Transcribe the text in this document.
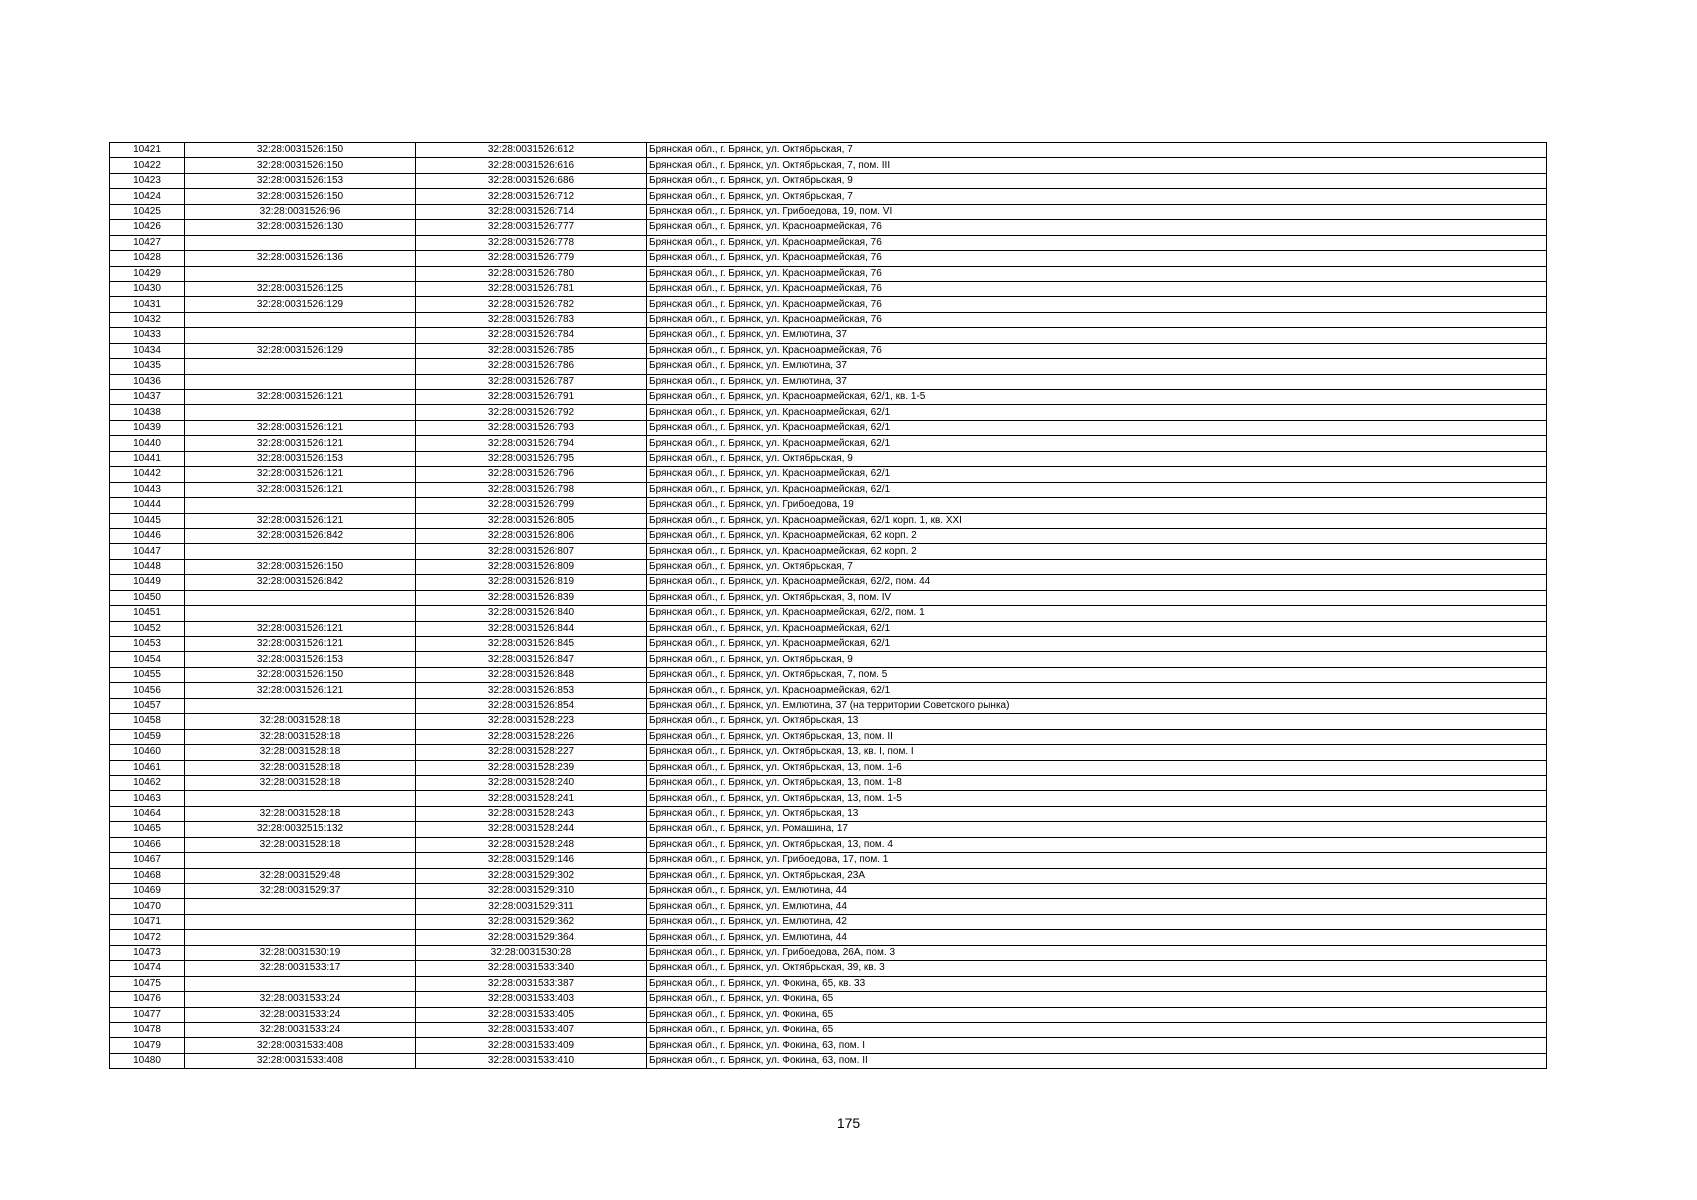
10421	32:28:0031526:150	32:28:0031526:612	Брянская обл., г. Брянск, ул. Октябрьская, 7
10422	32:28:0031526:150	32:28:0031526:616	Брянская обл., г. Брянск, ул. Октябрьская, 7, пом. III
10423	32:28:0031526:153	32:28:0031526:686	Брянская обл., г. Брянск, ул. Октябрьская, 9
10424	32:28:0031526:150	32:28:0031526:712	Брянская обл., г. Брянск, ул. Октябрьская, 7
10425	32:28:0031526:96	32:28:0031526:714	Брянская обл., г. Брянск, ул. Грибоедова, 19, пом. VI
10426	32:28:0031526:130	32:28:0031526:777	Брянская обл., г. Брянск, ул. Красноармейская, 76
10427		32:28:0031526:778	Брянская обл., г. Брянск, ул. Красноармейская, 76
10428	32:28:0031526:136	32:28:0031526:779	Брянская обл., г. Брянск, ул. Красноармейская, 76
10429		32:28:0031526:780	Брянская обл., г. Брянск, ул. Красноармейская, 76
10430	32:28:0031526:125	32:28:0031526:781	Брянская обл., г. Брянск, ул. Красноармейская, 76
10431	32:28:0031526:129	32:28:0031526:782	Брянская обл., г. Брянск, ул. Красноармейская, 76
10432		32:28:0031526:783	Брянская обл., г. Брянск, ул. Красноармейская, 76
10433		32:28:0031526:784	Брянская обл., г. Брянск, ул. Емлютина, 37
10434	32:28:0031526:129	32:28:0031526:785	Брянская обл., г. Брянск, ул. Красноармейская, 76
10435		32:28:0031526:786	Брянская обл., г. Брянск, ул. Емлютина, 37
10436		32:28:0031526:787	Брянская обл., г. Брянск, ул. Емлютина, 37
10437	32:28:0031526:121	32:28:0031526:791	Брянская обл., г. Брянск, ул. Красноармейская, 62/1, кв. 1-5
10438		32:28:0031526:792	Брянская обл., г. Брянск, ул. Красноармейская, 62/1
10439	32:28:0031526:121	32:28:0031526:793	Брянская обл., г. Брянск, ул. Красноармейская, 62/1
10440	32:28:0031526:121	32:28:0031526:794	Брянская обл., г. Брянск, ул. Красноармейская, 62/1
10441	32:28:0031526:153	32:28:0031526:795	Брянская обл., г. Брянск, ул. Октябрьская, 9
10442	32:28:0031526:121	32:28:0031526:796	Брянская обл., г. Брянск, ул. Красноармейская, 62/1
10443	32:28:0031526:121	32:28:0031526:798	Брянская обл., г. Брянск, ул. Красноармейская, 62/1
10444		32:28:0031526:799	Брянская обл., г. Брянск, ул. Грибоедова, 19
10445	32:28:0031526:121	32:28:0031526:805	Брянская обл., г. Брянск, ул. Красноармейская, 62/1 корп. 1, кв. XXI
10446	32:28:0031526:842	32:28:0031526:806	Брянская обл., г. Брянск, ул. Красноармейская, 62 корп. 2
10447		32:28:0031526:807	Брянская обл., г. Брянск, ул. Красноармейская, 62 корп. 2
10448	32:28:0031526:150	32:28:0031526:809	Брянская обл., г. Брянск, ул. Октябрьская, 7
10449	32:28:0031526:842	32:28:0031526:819	Брянская обл., г. Брянск, ул. Красноармейская, 62/2, пом. 44
10450		32:28:0031526:839	Брянская обл., г. Брянск, ул. Октябрьская, 3, пом. IV
10451		32:28:0031526:840	Брянская обл., г. Брянск, ул. Красноармейская, 62/2, пом. 1
10452	32:28:0031526:121	32:28:0031526:844	Брянская обл., г. Брянск, ул. Красноармейская, 62/1
10453	32:28:0031526:121	32:28:0031526:845	Брянская обл., г. Брянск, ул. Красноармейская, 62/1
10454	32:28:0031526:153	32:28:0031526:847	Брянская обл., г. Брянск, ул. Октябрьская, 9
10455	32:28:0031526:150	32:28:0031526:848	Брянская обл., г. Брянск, ул. Октябрьская, 7, пом. 5
10456	32:28:0031526:121	32:28:0031526:853	Брянская обл., г. Брянск, ул. Красноармейская, 62/1
10457		32:28:0031526:854	Брянская обл., г. Брянск, ул. Емлютина, 37 (на территории Советского рынка)
10458	32:28:0031528:18	32:28:0031528:223	Брянская обл., г. Брянск, ул. Октябрьская, 13
10459	32:28:0031528:18	32:28:0031528:226	Брянская обл., г. Брянск, ул. Октябрьская, 13, пом. II
10460	32:28:0031528:18	32:28:0031528:227	Брянская обл., г. Брянск, ул. Октябрьская, 13, кв. I, пом. I
10461	32:28:0031528:18	32:28:0031528:239	Брянская обл., г. Брянск, ул. Октябрьская, 13, пом. 1-6
10462	32:28:0031528:18	32:28:0031528:240	Брянская обл., г. Брянск, ул. Октябрьская, 13, пом. 1-8
10463		32:28:0031528:241	Брянская обл., г. Брянск, ул. Октябрьская, 13, пом. 1-5
10464	32:28:0031528:18	32:28:0031528:243	Брянская обл., г. Брянск, ул. Октябрьская, 13
10465	32:28:0032515:132	32:28:0031528:244	Брянская обл., г. Брянск, ул. Ромашина, 17
10466	32:28:0031528:18	32:28:0031528:248	Брянская обл., г. Брянск, ул. Октябрьская, 13, пом. 4
10467		32:28:0031529:146	Брянская обл., г. Брянск, ул. Грибоедова, 17, пом. 1
10468	32:28:0031529:48	32:28:0031529:302	Брянская обл., г. Брянск, ул. Октябрьская, 23А
10469	32:28:0031529:37	32:28:0031529:310	Брянская обл., г. Брянск, ул. Емлютина, 44
10470		32:28:0031529:311	Брянская обл., г. Брянск, ул. Емлютина, 44
10471		32:28:0031529:362	Брянская обл., г. Брянск, ул. Емлютина, 42
10472		32:28:0031529:364	Брянская обл., г. Брянск, ул. Емлютина, 44
10473	32:28:0031530:19	32:28:0031530:28	Брянская обл., г. Брянск, ул. Грибоедова, 26А, пом. 3
10474	32:28:0031533:17	32:28:0031533:340	Брянская обл., г. Брянск, ул. Октябрьская, 39, кв. 3
10475		32:28:0031533:387	Брянская обл., г. Брянск, ул. Фокина, 65, кв. 33
10476	32:28:0031533:24	32:28:0031533:403	Брянская обл., г. Брянск, ул. Фокина, 65
10477	32:28:0031533:24	32:28:0031533:405	Брянская обл., г. Брянск, ул. Фокина, 65
10478	32:28:0031533:24	32:28:0031533:407	Брянская обл., г. Брянск, ул. Фокина, 65
10479	32:28:0031533:408	32:28:0031533:409	Брянская обл., г. Брянск, ул. Фокина, 63, пом. I
10480	32:28:0031533:408	32:28:0031533:410	Брянская обл., г. Брянск, ул. Фокина, 63, пом. II
175
